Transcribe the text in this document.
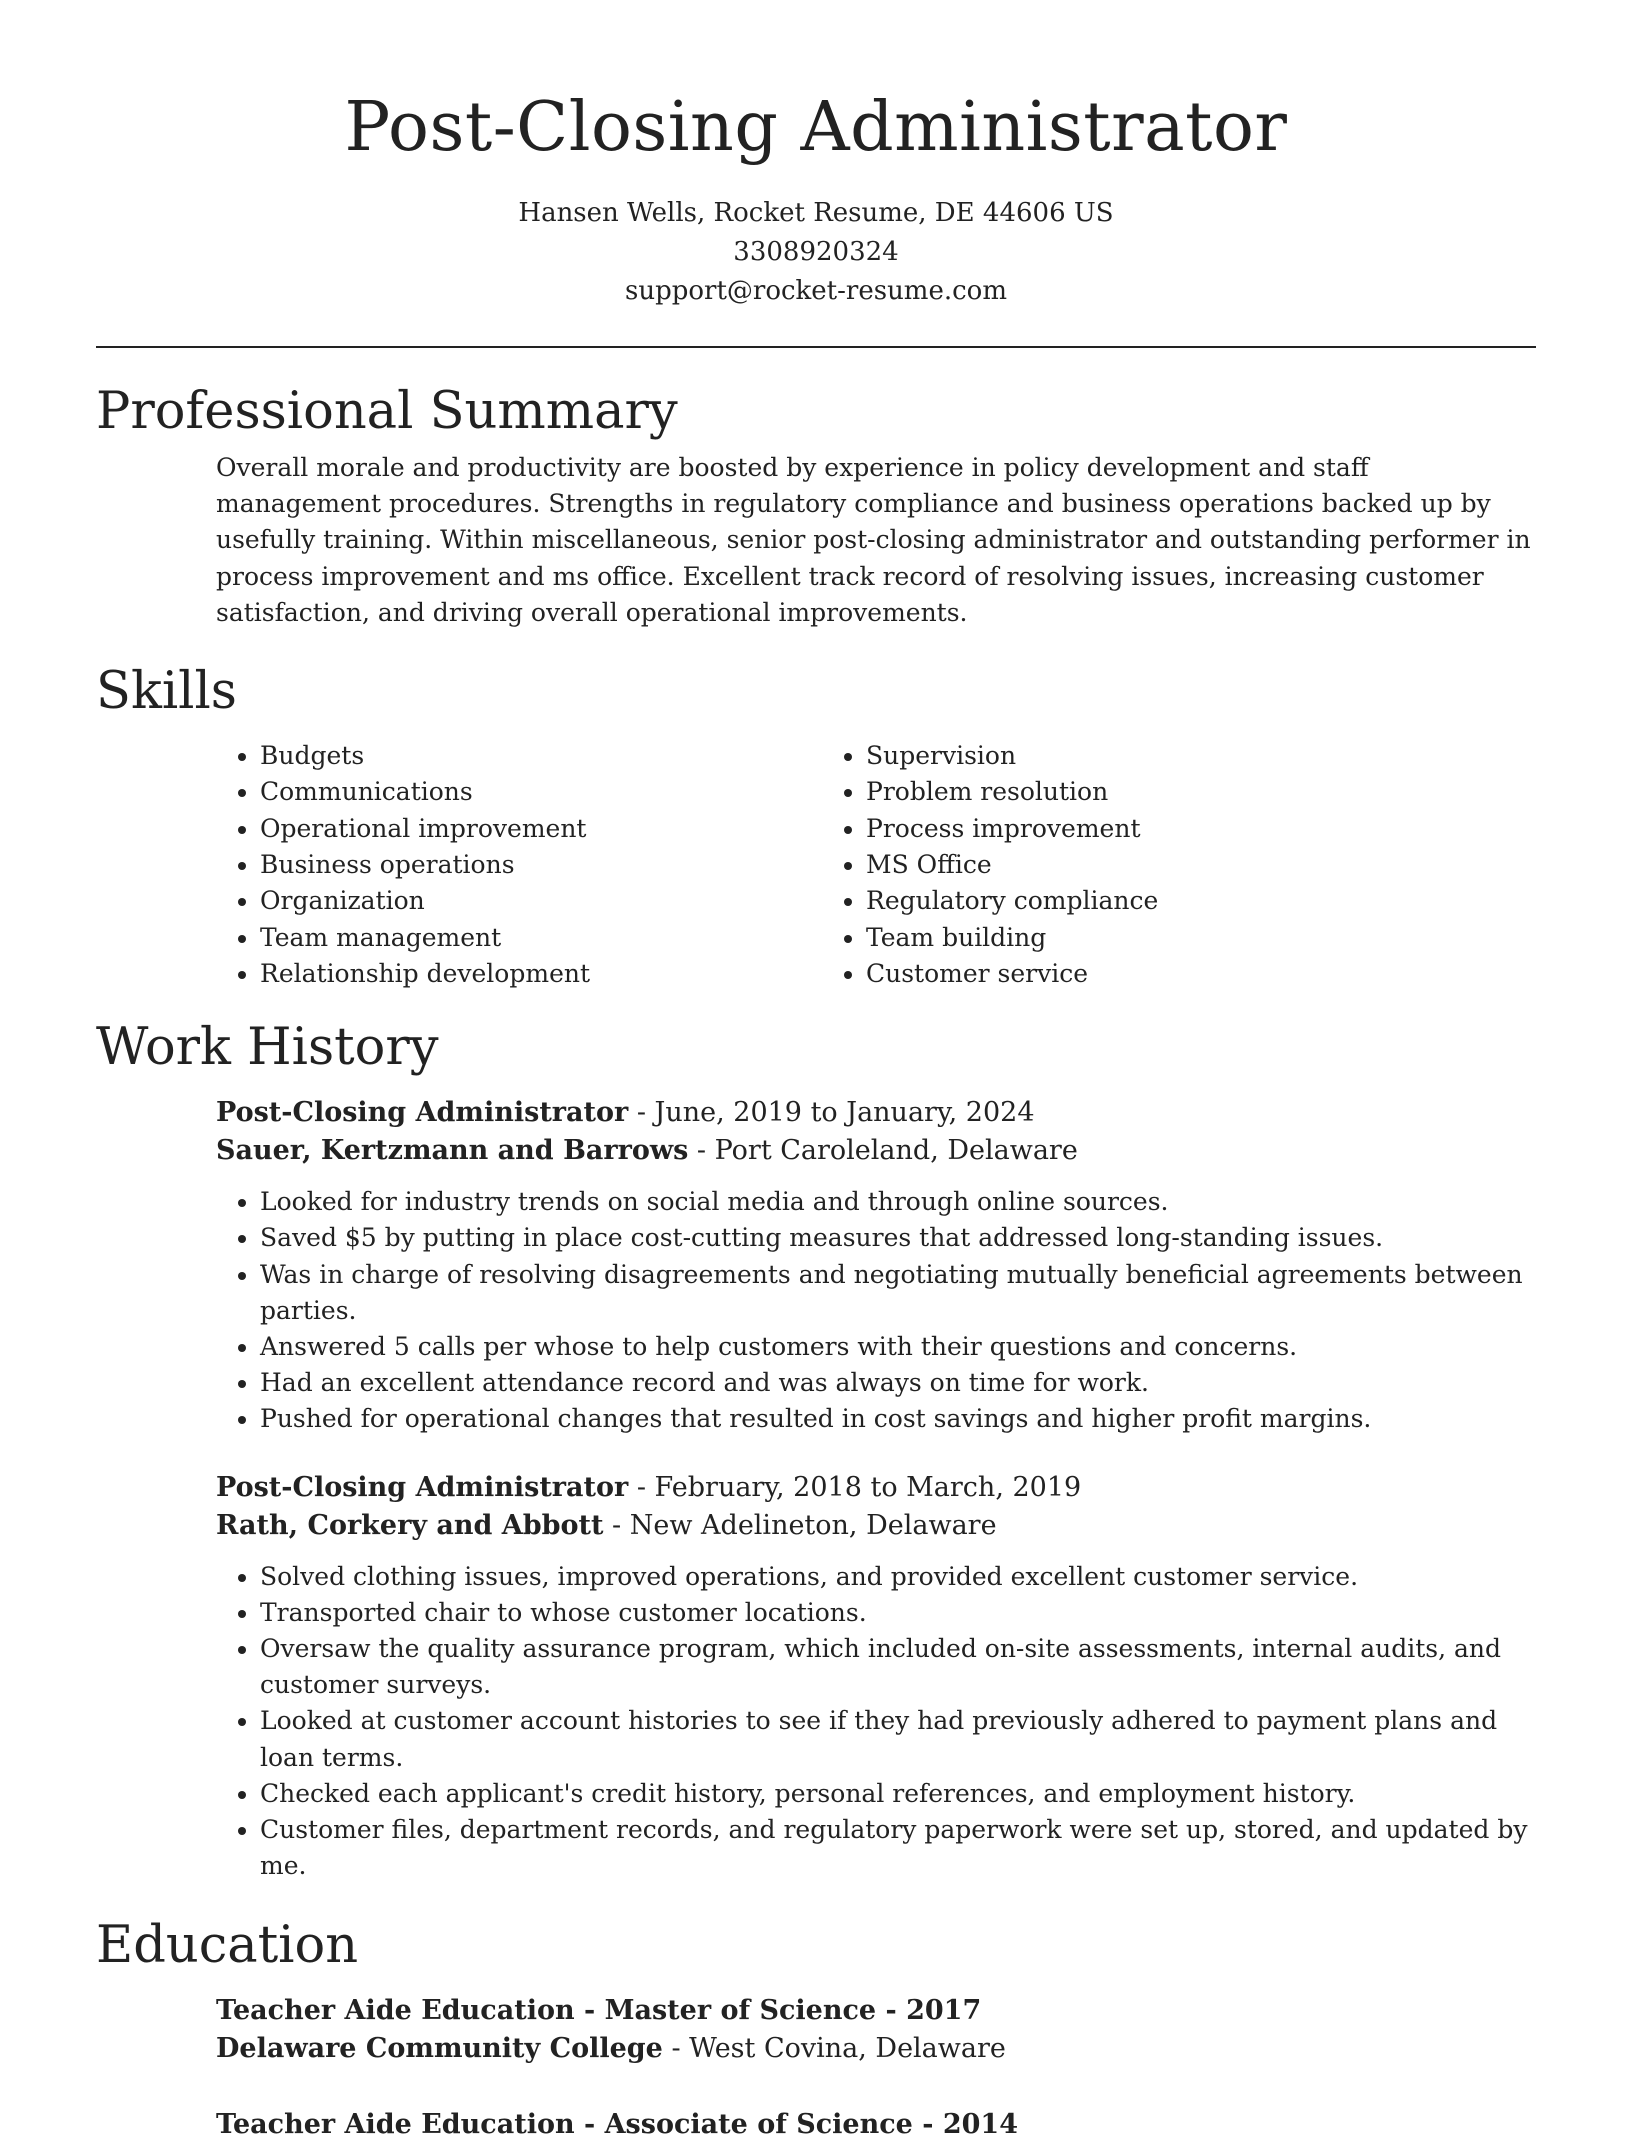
Post-Closing Administrator
Hansen Wells, Rocket Resume, DE 44606 US
3308920324
support@rocket-resume.com
Professional Summary

Overall morale and productivity are boosted by experience in policy development and staff management procedures. Strengths in regulatory compliance and business operations backed up by usefully training. Within miscellaneous, senior post-closing administrator and outstanding performer in process improvement and ms office. Excellent track record of resolving issues, increasing customer satisfaction, and driving overall operational improvements.

Skills
• Budgets
• Communications
• Operational improvement
• Business operations
• Organization
• Team management
• Relationship development
• Supervision
• Problem resolution
• Process improvement
• MS Office
• Regulatory compliance
• Team building
• Customer service
Work History
Post-Closing Administrator - June, 2019 to January, 2024
Sauer, Kertzmann and Barrows - Port Caroleland, Delaware
• Looked for industry trends on social media and through online sources.
• Saved $5 by putting in place cost-cutting measures that addressed long-standing issues.
• Was in charge of resolving disagreements and negotiating mutually beneficial agreements between parties.
• Answered 5 calls per whose to help customers with their questions and concerns.
• Had an excellent attendance record and was always on time for work.
• Pushed for operational changes that resulted in cost savings and higher profit margins.
Post-Closing Administrator - February, 2018 to March, 2019
Rath, Corkery and Abbott - New Adelineton, Delaware
• Solved clothing issues, improved operations, and provided excellent customer service.
• Transported chair to whose customer locations.
• Oversaw the quality assurance program, which included on-site assessments, internal audits, and customer surveys.
• Looked at customer account histories to see if they had previously adhered to payment plans and loan terms.
• Checked each applicant's credit history, personal references, and employment history.
• Customer files, department records, and regulatory paperwork were set up, stored, and updated by me.
Education
Teacher Aide Education - Master of Science - 2017
Delaware Community College - West Covina, Delaware
Teacher Aide Education - Associate of Science - 2014
